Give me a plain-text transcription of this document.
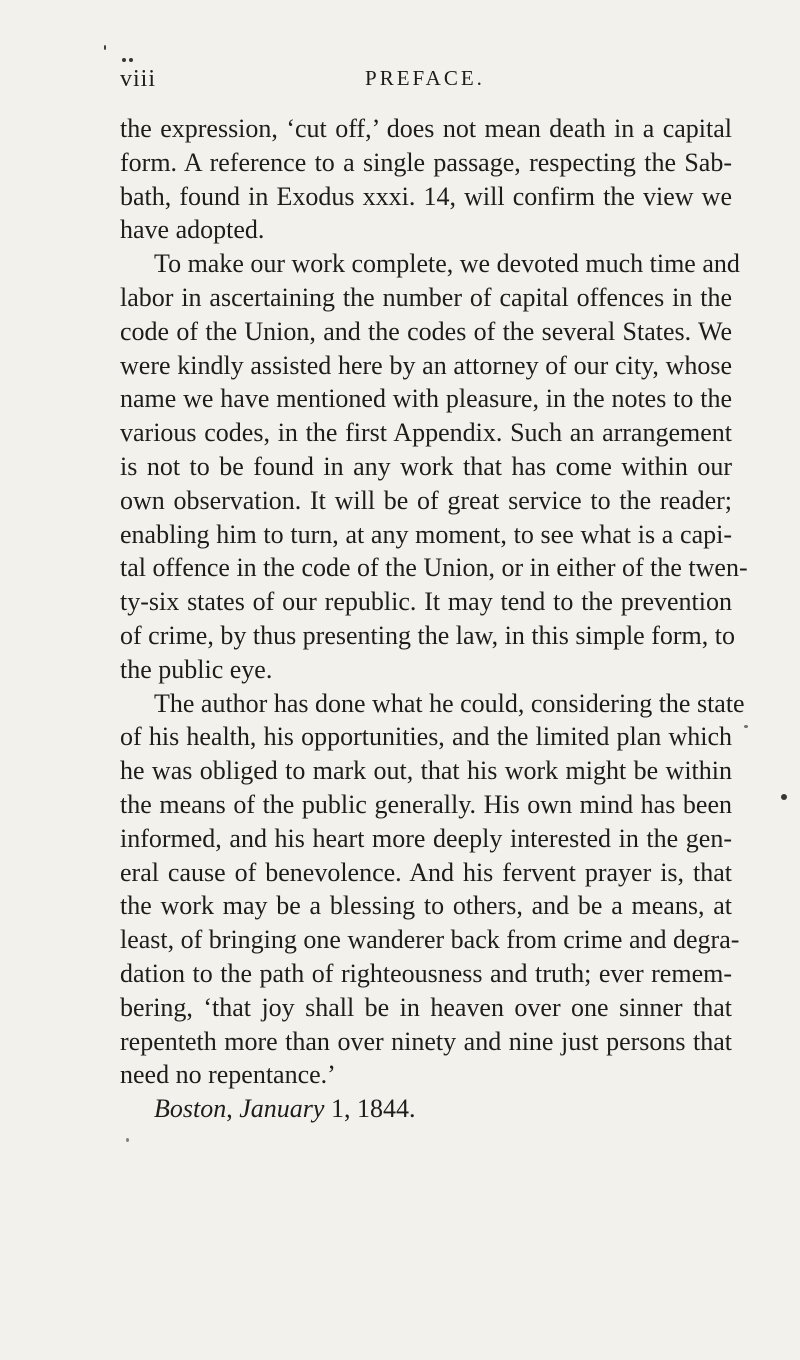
viii	PREFACE.
the expression, ‘cut off,’ does not mean death in a capital
form. A reference to a single passage, respecting the Sab-
bath, found in Exodus xxxi. 14, will confirm the view we
have adopted.
To make our work complete, we devoted much time and
labor in ascertaining the number of capital offences in the
code of the Union, and the codes of the several States. We
were kindly assisted here by an attorney of our city, whose
name we have mentioned with pleasure, in the notes to the
various codes, in the first Appendix. Such an arrangement
is not to be found in any work that has come within our
own observation. It will be of great service to the reader;
enabling him to turn, at any moment, to see what is a capi-
tal offence in the code of the Union, or in either of the twen-
ty-six states of our republic. It may tend to the prevention
of crime, by thus presenting the law, in this simple form, to
the public eye.
The author has done what he could, considering the state
of his health, his opportunities, and the limited plan which
he was obliged to mark out, that his work might be within
the means of the public generally. His own mind has been
informed, and his heart more deeply interested in the gen-
eral cause of benevolence. And his fervent prayer is, that
the work may be a blessing to others, and be a means, at
least, of bringing one wanderer back from crime and degra-
dation to the path of righteousness and truth; ever remem-
bering, ‘that joy shall be in heaven over one sinner that
repenteth more than over ninety and nine just persons that
need no repentance.’
Boston, January 1, 1844.
